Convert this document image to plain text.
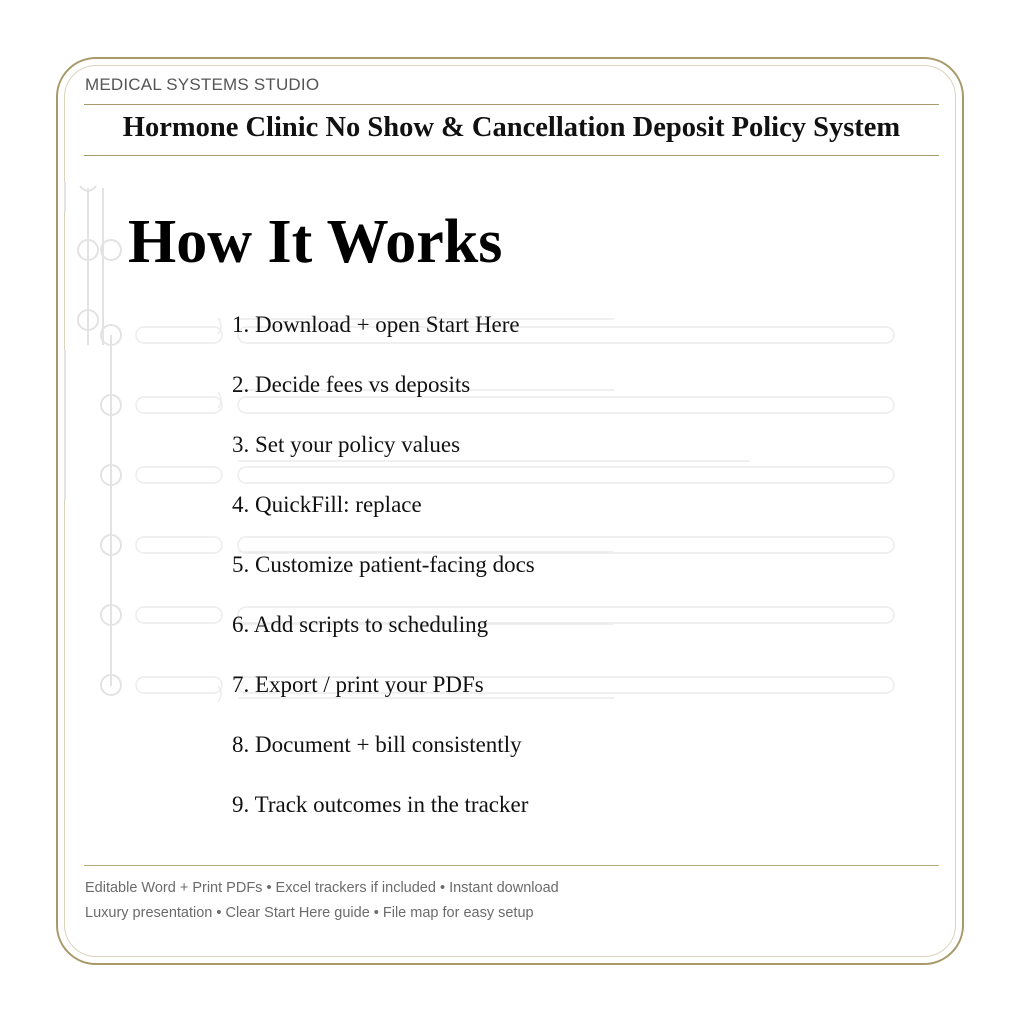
MEDICAL SYSTEMS STUDIO
Hormone Clinic No Show & Cancellation Deposit Policy System
How It Works
1. Download + open Start Here
2. Decide fees vs deposits
3. Set your policy values
4. QuickFill: replace
5. Customize patient-facing docs
6. Add scripts to scheduling
7. Export / print your PDFs
8. Document + bill consistently
9. Track outcomes in the tracker
Editable Word + Print PDFs • Excel trackers if included • Instant download
Luxury presentation • Clear Start Here guide • File map for easy setup
